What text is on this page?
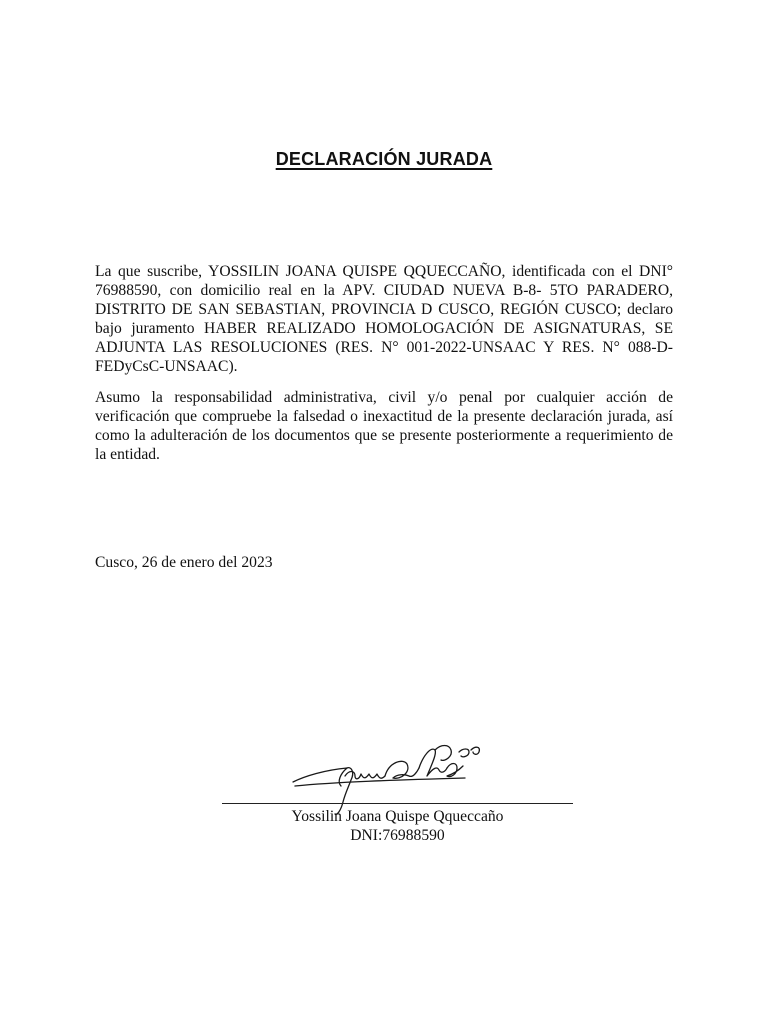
DECLARACIÓN JURADA

La que suscribe, YOSSILIN JOANA QUISPE QQUECCAÑO, identificada con el DNI° 76988590, con domicilio real en la APV. CIUDAD NUEVA B-8- 5TO PARADERO, DISTRITO DE SAN SEBASTIAN, PROVINCIA D CUSCO, REGIÓN CUSCO; declaro bajo juramento HABER REALIZADO HOMOLOGACIÓN DE ASIGNATURAS, SE ADJUNTA LAS RESOLUCIONES (RES. N° 001-2022-UNSAAC Y RES. N° 088-D-FEDyCsC-UNSAAC).

Asumo la responsabilidad administrativa, civil y/o penal por cualquier acción de verificación que compruebe la falsedad o inexactitud de la presente declaración jurada, así como la adulteración de los documentos que se presente posteriormente a requerimiento de la entidad.

Cusco, 26 de enero del 2023
Yossilin Joana Quispe Qqueccaño
DNI:76988590
